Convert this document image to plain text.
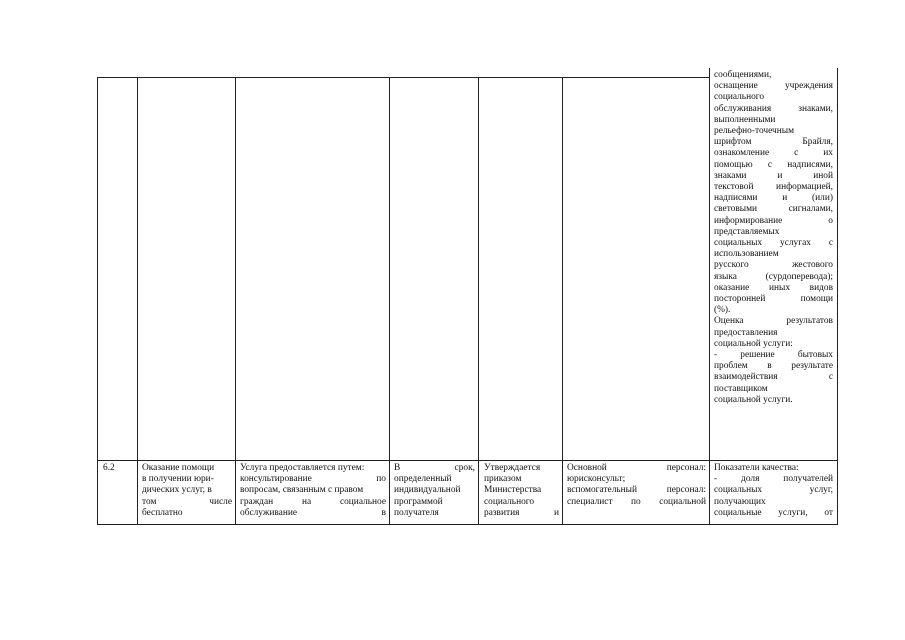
сообщениями,
оснащение учреждения
социального
обслуживания знаками,
выполненными
рельефно-точечным
шрифтом Брайля,
ознакомление с их
помощью с надписями,
знаками и иной
текстовой информацией,
надписями и (или)
световыми сигналами,
информирование о
представляемых
социальных услугах с
использованием
русского жестового
языка (сурдоперевода);
оказание иных видов
посторонней помощи
(%).
Оценка результатов
предоставления
социальной услуги:
- решение бытовых
проблем в результате
взаимодействия с
поставщиком
социальной услуги.
6.2	Оказание помощи
в получении юри-
дических услуг, в
том числе
бесплатно
Услуга предоставляется путем:
консультирование по
вопросам, связанным с правом
граждан на социальное
обслуживание в
В срок,
определенный
индивидуальной
программой
получателя
Утверждается
приказом
Министерства
социального
развития и
Основной персонал:
юрисконсульт;
вспомогательный персонал:
специалист по социальной
Показатели качества:
- доля получателей
социальных услуг,
получающих
социальные услуги, от
